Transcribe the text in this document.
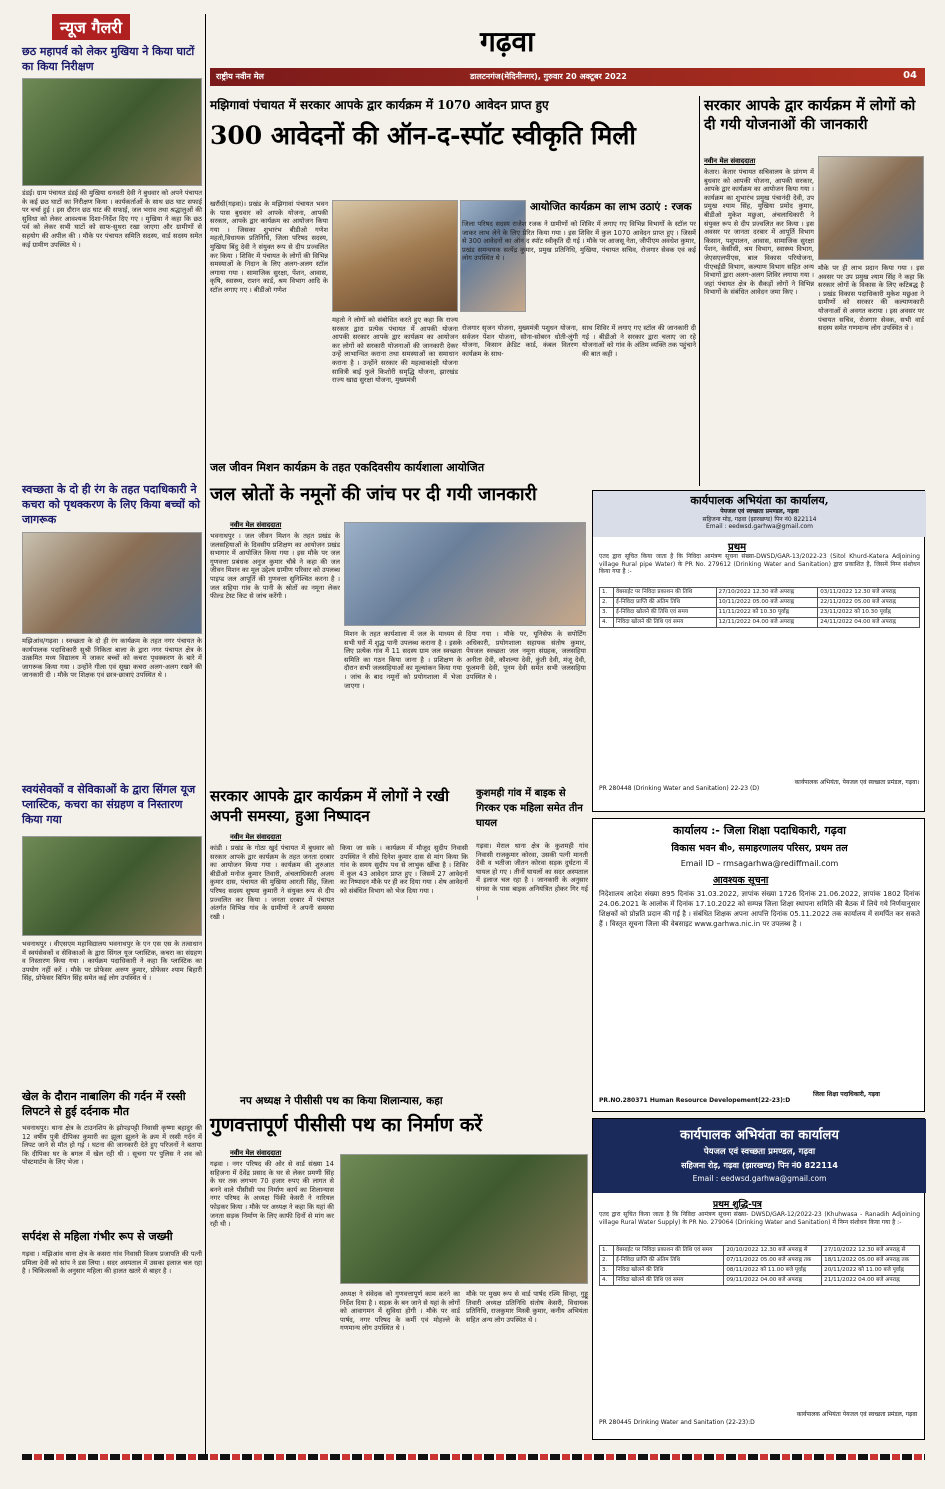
गढ़वा
राष्ट्रीय नवीन मेल	डालटनगंज(मेदिनीनगर), गुरुवार 20 अक्टूबर 2022	04
न्यूज गैलरी
छठ महापर्व को लेकर मुखिया ने किया घाटों का किया निरीक्षण
डंडई। ग्राम पंचायत डंडई की मुखिया धनवती देवी ने बुधवार को अपने पंचायत के कई छठ घाटों का निरीक्षण किया । कार्यकर्ताओं के साथ छठ घाट सफाई पर चर्चा हुई । इस दौरान छठ घाट की सफाई, जल भराव तथा श्रद्धालुओं की सुविधा को लेकर आवश्यक दिशा-निर्देश दिए गए । मुखिया ने कहा कि छठ पर्व को लेकर सभी घाटों को साफ-सुथरा रखा जाएगा और ग्रामीणों से सहयोग की अपील की । मौके पर पंचायत समिति सदस्य, वार्ड सदस्य समेत कई ग्रामीण उपस्थित थे ।
स्वच्छता के दो ही रंग के तहत पदाधिकारी ने कचरा को पृथक्करण के लिए किया बच्चों को जागरूक
मझिआंव/गढ़वा । स्वच्छता के दो ही रंग कार्यक्रम के तहत नगर पंचायत के कार्यपालक पदाधिकारी सुश्री निकिता बाला के द्वारा नगर पंचायत क्षेत्र के उत्क्रमित मध्य विद्यालय में जाकर बच्चों को कचरा पृथक्करण के बारे में जागरूक किया गया । उन्होंने गीला एवं सूखा कचरा अलग-अलग रखने की जानकारी दी । मौके पर शिक्षक एवं छात्र-छात्राएं उपस्थित थे ।
स्वयंसेवकों व सेविकाओं के द्वारा सिंगल यूज प्लास्टिक, कचरा का संग्रहण व निस्तारण किया गया
भवनाथपुर । वीएसएम महाविद्यालय भवनाथपुर के एन एस एस के तत्वाधान में स्वयंसेवकों व सेविकाओं के द्वारा सिंगल यूज प्लास्टिक, कचरा का संग्रहण व निस्तारण किया गया । कार्यक्रम पदाधिकारी ने कहा कि प्लास्टिक का उपयोग नहीं करें । मौके पर प्रोफेसर अरुण कुमार, प्रोफेसर श्याम बिहारी सिंह, प्रोफेसर बिपिन सिंह समेत कई लोग उपस्थित थे ।
खेल के दौरान नाबालिग की गर्दन में रस्सी लिपटने से हुई दर्दनाक मौत
भवनाथपुर। थाना क्षेत्र के टाउनशिप के झोपड़पट्टी निवासी कृष्णा बहादुर की 12 वर्षीय पुत्री दीपिका कुमारी का झूला झूलने के क्रम में रस्सी गर्दन में लिपट जाने से मौत हो गई । घटना की जानकारी देते हुए परिजनों ने बताया कि दीपिका घर के बगल में खेल रही थी । सूचना पर पुलिस ने शव को पोस्टमार्टम के लिए भेजा ।
सर्पदंश से महिला गंभीर रूप से जख्मी
गढ़वा । मझिआंव थाना क्षेत्र के कसरा गांव निवासी विजय प्रजापति की पत्नी प्रमिला देवी को सांप ने डस लिया । सदर अस्पताल में उसका इलाज चल रहा है । चिकित्सकों के अनुसार महिला की हालत खतरे से बाहर है ।
मझिगावां पंचायत में सरकार आपके द्वार कार्यक्रम में 1070 आवेदन प्राप्त हुए
300 आवेदनों की ऑन-द-स्पॉट स्वीकृति मिली
खरौंधी(गढ़वा)। प्रखंड के मझिगावां पंचायत भवन के पास बुधवार को आपके योजना, आपकी सरकार, आपके द्वार कार्यक्रम का आयोजन किया गया । जिसका शुभारंभ बीडीओ गणेश महतो,विधायक प्रतिनिधि, जिला परिषद सदस्य, मुखिया बिंदु देवी ने संयुक्त रूप से दीप प्रज्वलित कर किया । शिविर में पंचायत के लोगों की विभिन्न समस्याओं के निदान के लिए अलग-अलग स्टॉल लगाया गया । सामाजिक सुरक्षा, पेंशन, आवास, कृषि, स्वास्थ्य, राशन कार्ड, श्रम विभाग आदि के स्टॉल लगाए गए । बीडीओ गणेश
महतो ने लोगों को संबोधित करते हुए कहा कि राज्य सरकार द्वारा प्रत्येक पंचायत में आपकी योजना आपकी सरकार आपके द्वार कार्यक्रम का आयोजन कर लोगों को सरकारी योजनाओं की जानकारी देकर उन्हें लाभान्वित कराना तथा समस्याओं का समाधान कराना है । उन्होंने सरकार की महत्वाकांक्षी योजना सावित्री बाई फुले किशोरी समृद्धि योजना, झारखंड राज्य खाद्य सुरक्षा योजना, मुख्यमंत्री
आयोजित कार्यक्रम का लाभ उठाएं : रजक
जिला परिषद सदस्य राजेश रजक ने ग्रामीणों को शिविर में लगाए गए विभिन्न विभागों के स्टॉल पर जाकर लाभ लेने के लिए प्रेरित किया गया । इस शिविर में कुल 1070 आवेदन प्राप्त हुए । जिसमें से 300 आवेदनों का ऑन द स्पॉट स्वीकृति दी गई । मौके पर आजसू नेता, जीपीएम अवधेश कुमार, प्रखंड समन्वयक सत्येंद्र कुमार, प्रमुख प्रतिनिधि, मुखिया, पंचायत सचिव, रोजगार सेवक एवं कई लोग उपस्थित थे ।
रोजगार सृजन योजना, मुख्यमंत्री पशुधन योजना, सर्वजन पेंशन योजना, सोना-सोबरन धोती-लुंगी योजना, किसान क्रेडिट कार्ड, कंबल वितरण कार्यक्रम के साथ-
साथ शिविर में लगाए गए स्टॉल की जानकारी दी गई । बीडीओ ने सरकार द्वारा चलाए जा रहे योजनाओं को गांव के अंतिम व्यक्ति तक पहुंचाने की बात कही ।
सरकार आपके द्वार कार्यक्रम में लोगों को दी गयी योजनाओं की जानकारी
नवीन मेल संवाददाता
केतार। केतार पंचायत सचिवालय के प्रांगण में बुधवार को आपकी योजना, आपकी सरकार, आपके द्वार कार्यक्रम का आयोजन किया गया । कार्यक्रम का शुभारंभ प्रमुख पंचानंदी देवी, उप प्रमुख श्याम सिंह, मुखिया प्रमोद कुमार, बीडीओ मुकेश मछुआ, अंचलाधिकारी ने संयुक्त रूप से दीप प्रज्वलित कर किया । इस अवसर पर जानता दरबार में आपूर्ति विभाग किसान, पशुपालन, आवास, सामाजिक सुरक्षा पेंशन, केसीसी, श्रम विभाग, स्वास्थ्य विभाग, जेएसएलपीएस, बाल विकास परियोजना, पीएचईडी विभाग, कल्याण विभाग सहित अन्य विभागों द्वारा अलग-अलग शिविर लगाया गया । जहां पंचायत क्षेत्र के सैकड़ों लोगों ने विभिन्न विभागों के संबंधित आवेदन जमा किए ।
मौके पर ही लाभ प्रदान किया गया । इस अवसर पर उप प्रमुख श्याम सिंह ने कहा कि सरकार लोगों के विकास के लिए कटिबद्ध है । प्रखंड विकास पदाधिकारी मुकेश मछुआ ने ग्रामीणों को सरकार की कल्याणकारी योजनाओं से अवगत कराया । इस अवसर पर पंचायत सचिव, रोजगार सेवक, सभी वार्ड सदस्य समेत गणमान्य लोग उपस्थित थे ।
जल जीवन मिशन कार्यक्रम के तहत एकदिवसीय कार्यशाला आयोजित
जल स्रोतों के नमूनों की जांच पर दी गयी जानकारी
नवीन मेल संवाददाता
भवनाथपुर । जल जीवन मिशन के तहत प्रखंड के जलसहियाओं के दिवसीय प्रशिक्षण का आयोजन प्रखंड सभागार में आयोजित किया गया । इस मौके पर जल गुणवत्ता प्रबंधक अनुज कुमार चौबे ने कहा की जल जीवन मिशन का मूल उद्देश्य ग्रामीण परिवार को उपलब्ध पाइप्ड जल आपूर्ति की गुणवत्ता सुनिश्चित करना है । जल सहिया गांव के पानी के स्रोतों का नमूना लेकर फील्ड टेस्ट किट से जांच करेंगी ।
मिशन के तहत कार्यशाला में जल के माध्यम से सभी घरों में शुद्ध पानी उपलब्ध कराना है । इसके लिए प्रत्येक गांव में 11 सदस्य ग्राम जल स्वच्छता समिति का गठन किया जाना है । प्रशिक्षण के दौरान सभी जलसहियाओं का मूल्यांकन किया गया । जांच के बाद नमूनों को प्रयोगशाला में भेजा जाएगा ।
दिया गया । मौके पर, यूनिसेफ के सपोर्टिंग अधिकारी, प्रयोगशाला सहायक संतोष कुमार, पेयजल स्वच्छता जल नमूना संग्रहक, जलसहिया अनीता देवी, कौशल्या देवी, कुंती देवी, मंजू देवी, फूलमनी देवी, पूनम देवी समेत सभी जलसहिया उपस्थित थे ।
कार्यपालक अभियंता का कार्यालय,
पेयजल एवं स्वच्छता प्रमण्डल, गढ़वा
सहिजना मोड़, गढ़वा (झारखण्ड) पिन नं0 822114
Email : eedwsd.garhwa@gmail.com
प्रथम
एतद द्वारा सूचित किया जाता है कि निविदा आमंत्रण सूचना संख्या-DWSD/GAR-13/2022-23 (Sitol Khurd-Katera Adjoining village Rural pipe Water) के PR No. 279612 (Drinking Water and Sanitation) द्वारा प्रकाशित है, जिसमें निम्न संशोधन किया गया है :-
1.	वेबसाईट पर निविदा प्रकाशन की तिथि	27/10/2022 12.30 बजे अपराह्न	03/11/2022 12.30 बजे अपराह्न
2.	ई-निविदा प्राप्ति की अंतिम तिथि	10/11/2022 05.00 बजे अपराह्न	22/11/2022 05.00 बजे अपराह्न
3.	ई-निविदा खोलने की तिथि एवं समय	11/11/2022 को 10.30 पूर्वाह्न	23/11/2022 को 10.30 पूर्वाह्न
4.	निविदा खोलने की तिथि एवं समय	12/11/2022 04.00 बजे अपराह्न	24/11/2022 04.00 बजे अपराह्न
PR 280448 (Drinking Water and Sanitation) 22-23 (D)
कार्यपालक अभियंता, पेयजल एवं स्वच्छता प्रमंडल, गढ़वा।
सरकार आपके द्वार कार्यक्रम में लोगों ने रखी अपनी समस्या, हुआ निष्पादन
नवीन मेल संवाददाता
कांडी । प्रखंड के गोठा खुर्द पंचायत में बुधवार को सरकार आपके द्वार कार्यक्रम के तहत जनता दरबार का आयोजन किया गया । कार्यक्रम की शुरुआत बीडीओ मनोज कुमार तिवारी, अंचलाधिकारी अजय कुमार दास, पंचायत की मुखिया आरती सिंह, जिला परिषद सदस्य सुषमा कुमारी ने संयुक्त रूप से दीप प्रज्वलित कर किया । जनता दरबार में पंचायत अंतर्गत विभिन्न गांव के ग्रामीणों ने अपनी समस्या रखी ।
किया जा सके । कार्यक्रम में मौजूद सुदीप निवासी उपस्थित ने सीधे दिनेश कुमार दास से मांग किया कि गांव के समय सुदीप पथ से लाभुक खींचा है । शिविर में कुल 43 आवेदन प्राप्त हुए । जिसमें 27 आवेदनों का निष्पादन मौके पर ही कर दिया गया । शेष आवेदनों को संबंधित विभाग को भेज दिया गया ।
कुशमही गांव में बाइक से गिरकर एक महिला समेत तीन घायल
गढ़वा। मेराल थाना क्षेत्र के कुशमही गांव निवासी राजकुमार कोरवा, उसकी पत्नी मानती देवी व भतीजा जीतन कोरवा सड़क दुर्घटना में घायल हो गए । तीनों घायलों का सदर अस्पताल में इलाज चल रहा है । जानकारी के अनुसार संगवा के पास बाइक अनियंत्रित होकर गिर गई ।
कार्यालय :- जिला शिक्षा पदाधिकारी, गढ़वा
विकास भवन बी०, समाहरणालय परिसर, प्रथम तल
Email ID – rmsagarhwa@rediffmail.com
आवश्यक सूचना
निदेशालय आदेश संख्या 895 दिनांक 31.03.2022, ज्ञापांक संख्या 1726 दिनांक 21.06.2022, ज्ञापांक 1802 दिनांक 24.06.2021 के आलोक में दिनांक 17.10.2022 को सम्पन्न जिला शिक्षा स्थापना समिति की बैठक में लिये गये निर्णयानुसार शिक्षकों को प्रोन्नति प्रदान की गई है । संबंधित शिक्षक अपना आपत्ति दिनांक 05.11.2022 तक कार्यालय में समर्पित कर सकते हैं । विस्तृत सूचना जिला की वेबसाइट www.garhwa.nic.in पर उपलब्ध है ।
PR.NO.280371 Human Resource Developement(22-23):D
जिला शिक्षा पदाधिकारी, गढ़वा
नप अध्यक्ष ने पीसीसी पथ का किया शिलान्यास, कहा
गुणवत्तापूर्ण पीसीसी पथ का निर्माण करें
नवीन मेल संवाददाता
गढ़वा । नगर परिषद की ओर से वार्ड संख्या 14 सहिजना में देवेंद्र प्रसाद के घर से लेकर प्रमणी सिंह के घर तक लगभग 70 हजार रुपए की लागत से बनने वाले पीसीसी पथ निर्माण कार्य का शिलान्यास नगर परिषद के अध्यक्ष पिंकी केसरी ने नारियल फोड़कर किया । मौके पर अध्यक्ष ने कहा कि यहां की जनता सड़क निर्माण के लिए काफी दिनों से मांग कर रही थी ।
अध्यक्ष ने संवेदक को गुणवत्तापूर्ण काम करने का निर्देश दिया है । सड़क के बन जाने से यहां के लोगों को आवागमन में सुविधा होगी । मौके पर वार्ड पार्षद, नगर परिषद के कर्मी एवं मोहल्ले के गणमान्य लोग उपस्थित थे ।
मौके पर मुख्य रूप से वार्ड पार्षद रश्मि सिन्हा, गुड्डू तिवारी अध्यक्ष प्रतिनिधि संतोष केसरी, विधायक प्रतिनिधि, राजकुमार मिस्त्री कुमार, कनीय अभियंता सहित अन्य लोग उपस्थित थे ।
कार्यपालक अभियंता का कार्यालय
पेयजल एवं स्वच्छता प्रमण्डल, गढ़वा
सहिजना रोड़, गढ़वा (झारखण्ड) पिन नं0 822114
Email : eedwsd.garhwa@gmail.com
प्रथम शुद्धि-पत्र
एतद द्वारा सूचित किया जाता है कि निविदा आमंत्रण सूचना संख्या- DWSD/GAR-12/2022-23 (Khuhwasa - Ranadih Adjoining village Rural Water Supply) के PR No. 279064 (Drinking Water and Sanitation) में निम्न संशोधन किया गया है :-
1.	वेबसाईट पर निविदा प्रकाशन की तिथि एवं समय	20/10/2022 12.30 बजे अपराह्न से	27/10/2022 12.30 बजे अपराह्न से
2.	ई-निविदा प्राप्ति की अंतिम तिथि	07/11/2022 05.00 बजे अपराह्न तक	18/11/2022 05.00 बजे अपराह्न तक
3.	निविदा खोलने की तिथि	08/11/2022 को 11.00 बजे पूर्वाह्न	20/11/2022 को 11.00 बजे पूर्वाह्न
4.	निविदा खोलने की तिथि एवं समय	09/11/2022 04.00 बजे अपराह्न	21/11/2022 04.00 बजे अपराह्न
PR 280445 Drinking Water and Sanitation (22-23):D
कार्यपालक अभियंता पेयजल एवं स्वच्छता प्रमंडल, गढ़वा
